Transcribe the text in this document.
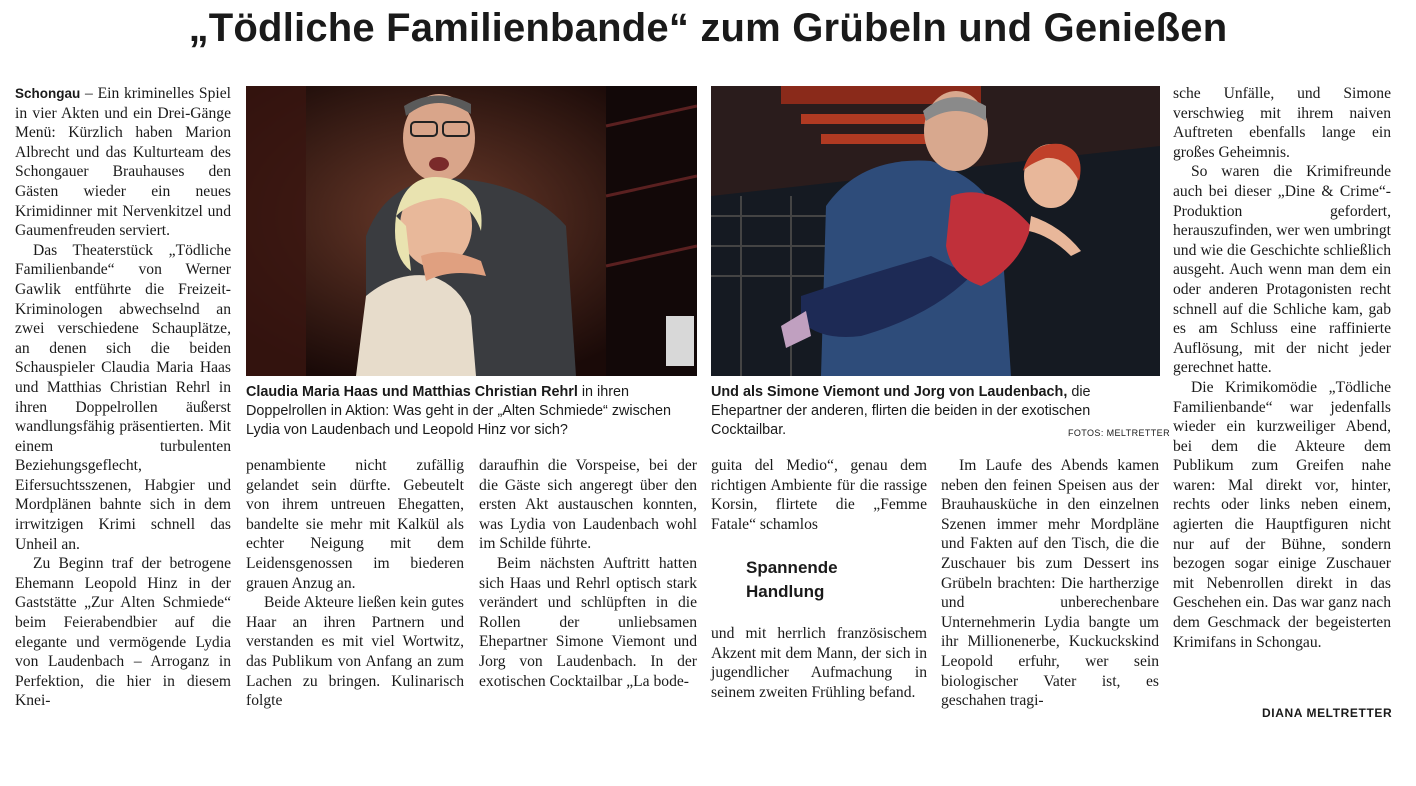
„Tödliche Familienbande“ zum Grübeln und Genießen

Schongau – Ein kriminelles Spiel in vier Akten und ein Drei-Gänge Menü: Kürzlich haben Marion Albrecht und das Kulturteam des Schongauer Brauhauses den Gästen wieder ein neues Krimidinner mit Nervenkitzel und Gaumenfreuden serviert.

Das Theaterstück „Tödliche Familienbande“ von Werner Gawlik entführte die Freizeit-Kriminologen abwechselnd an zwei verschiedene Schauplätze, an denen sich die beiden Schauspieler Claudia Maria Haas und Matthias Christian Rehrl in ihren Doppelrollen äußerst wandlungsfähig präsentierten. Mit einem turbulenten Beziehungsgeflecht, Eifersuchtsszenen, Habgier und Mordplänen bahnte sich in dem irrwitzigen Krimi schnell das Unheil an.

Zu Beginn traf der betrogene Ehemann Leopold Hinz in der Gaststätte „Zur Alten Schmiede“ beim Feierabendbier auf die elegante und vermögende Lydia von Laudenbach – Arroganz in Perfektion, die hier in diesem Knei-

Claudia Maria Haas und Matthias Christian Rehrl in ihren Doppelrollen in Aktion: Was geht in der „Alten Schmiede“ zwischen Lydia von Laudenbach und Leopold Hinz vor sich?
Und als Simone Viemont und Jorg von Laudenbach, die Ehepartner der anderen, flirten die beiden in der exotischen Cocktailbar.	FOTOS: MELTRETTER

penambiente nicht zufällig gelandet sein dürfte. Gebeutelt von ihrem untreuen Ehegatten, bandelte sie mehr mit Kalkül als echter Neigung mit dem Leidensgenossen im biederen grauen Anzug an.

Beide Akteure ließen kein gutes Haar an ihren Partnern und verstanden es mit viel Wortwitz, das Publikum von Anfang an zum Lachen zu bringen. Kulinarisch folgte

daraufhin die Vorspeise, bei der die Gäste sich angeregt über den ersten Akt austauschen konnten, was Lydia von Laudenbach wohl im Schilde führte.

Beim nächsten Auftritt hatten sich Haas und Rehrl optisch stark verändert und schlüpften in die Rollen der unliebsamen Ehepartner Simone Viemont und Jorg von Laudenbach. In der exotischen Cocktailbar „La bode-

guita del Medio“, genau dem richtigen Ambiente für die rassige Korsin, flirtete die „Femme Fatale“ schamlos

Spannende
Handlung

und mit herrlich französischem Akzent mit dem Mann, der sich in jugendlicher Aufmachung in seinem zweiten Frühling befand.

Im Laufe des Abends kamen neben den feinen Speisen aus der Brauhausküche in den einzelnen Szenen immer mehr Mordpläne und Fakten auf den Tisch, die die Zuschauer bis zum Dessert ins Grübeln brachten: Die hartherzige und unberechenbare Unternehmerin Lydia bangte um ihr Millionenerbe, Kuckuckskind Leopold erfuhr, wer sein biologischer Vater ist, es geschahen tragi-

sche Unfälle, und Simone verschwieg mit ihrem naiven Auftreten ebenfalls lange ein großes Geheimnis.

So waren die Krimifreunde auch bei dieser „Dine & Crime“-Produktion gefordert, herauszufinden, wer wen umbringt und wie die Geschichte schließlich ausgeht. Auch wenn man dem ein oder anderen Protagonisten recht schnell auf die Schliche kam, gab es am Schluss eine raffinierte Auflösung, mit der nicht jeder gerechnet hatte.

Die Krimikomödie „Tödliche Familienbande“ war jedenfalls wieder ein kurzweiliger Abend, bei dem die Akteure dem Publikum zum Greifen nahe waren: Mal direkt vor, hinter, rechts oder links neben einem, agierten die Hauptfiguren nicht nur auf der Bühne, sondern bezogen sogar einige Zuschauer mit Nebenrollen direkt in das Geschehen ein. Das war ganz nach dem Geschmack der begeisterten Krimifans in Schongau.

DIANA MELTRETTER
